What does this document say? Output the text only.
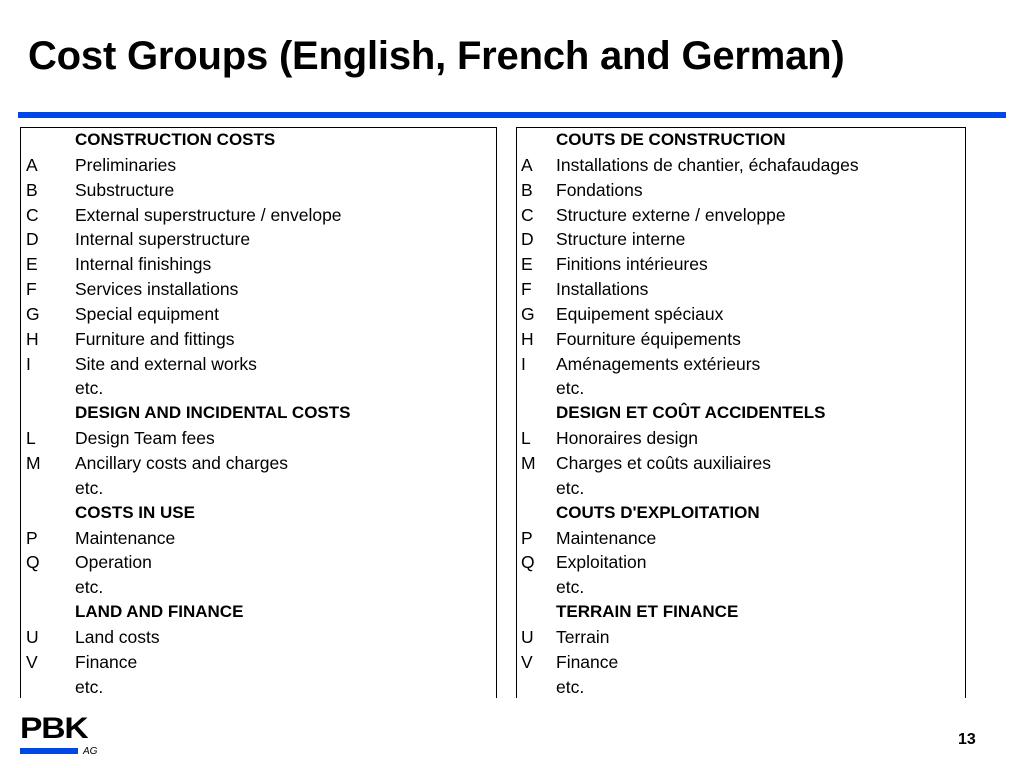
Cost Groups (English, French and German)
CONSTRUCTION COSTS
A Preliminaries
B Substructure
C External superstructure / envelope
D Internal superstructure
E Internal finishings
F Services installations
G Special equipment
H Furniture and fittings
I	Site and external works
etc.
DESIGN AND INCIDENTAL COSTS
L Design Team fees
M Ancillary costs and charges
etc.
COSTS IN USE
P Maintenance
Q Operation
etc.
LAND AND FINANCE
U Land costs
V Finance
etc.
COUTS DE CONSTRUCTION
A Installations de chantier, échafaudages
B Fondations
C Structure externe / enveloppe
D Structure interne
E Finitions intérieures
F Installations
G Equipement spéciaux
H Fourniture équipements
I Aménagements extérieurs
etc.
DESIGN ET COÛT ACCIDENTELS
L Honoraires design
M Charges et coûts auxiliaires
etc.
COUTS D'EXPLOITATION
P Maintenance
Q Exploitation
etc.
TERRAIN ET FINANCE
U Terrain
V Finance
etc.
PBK
AG
13
